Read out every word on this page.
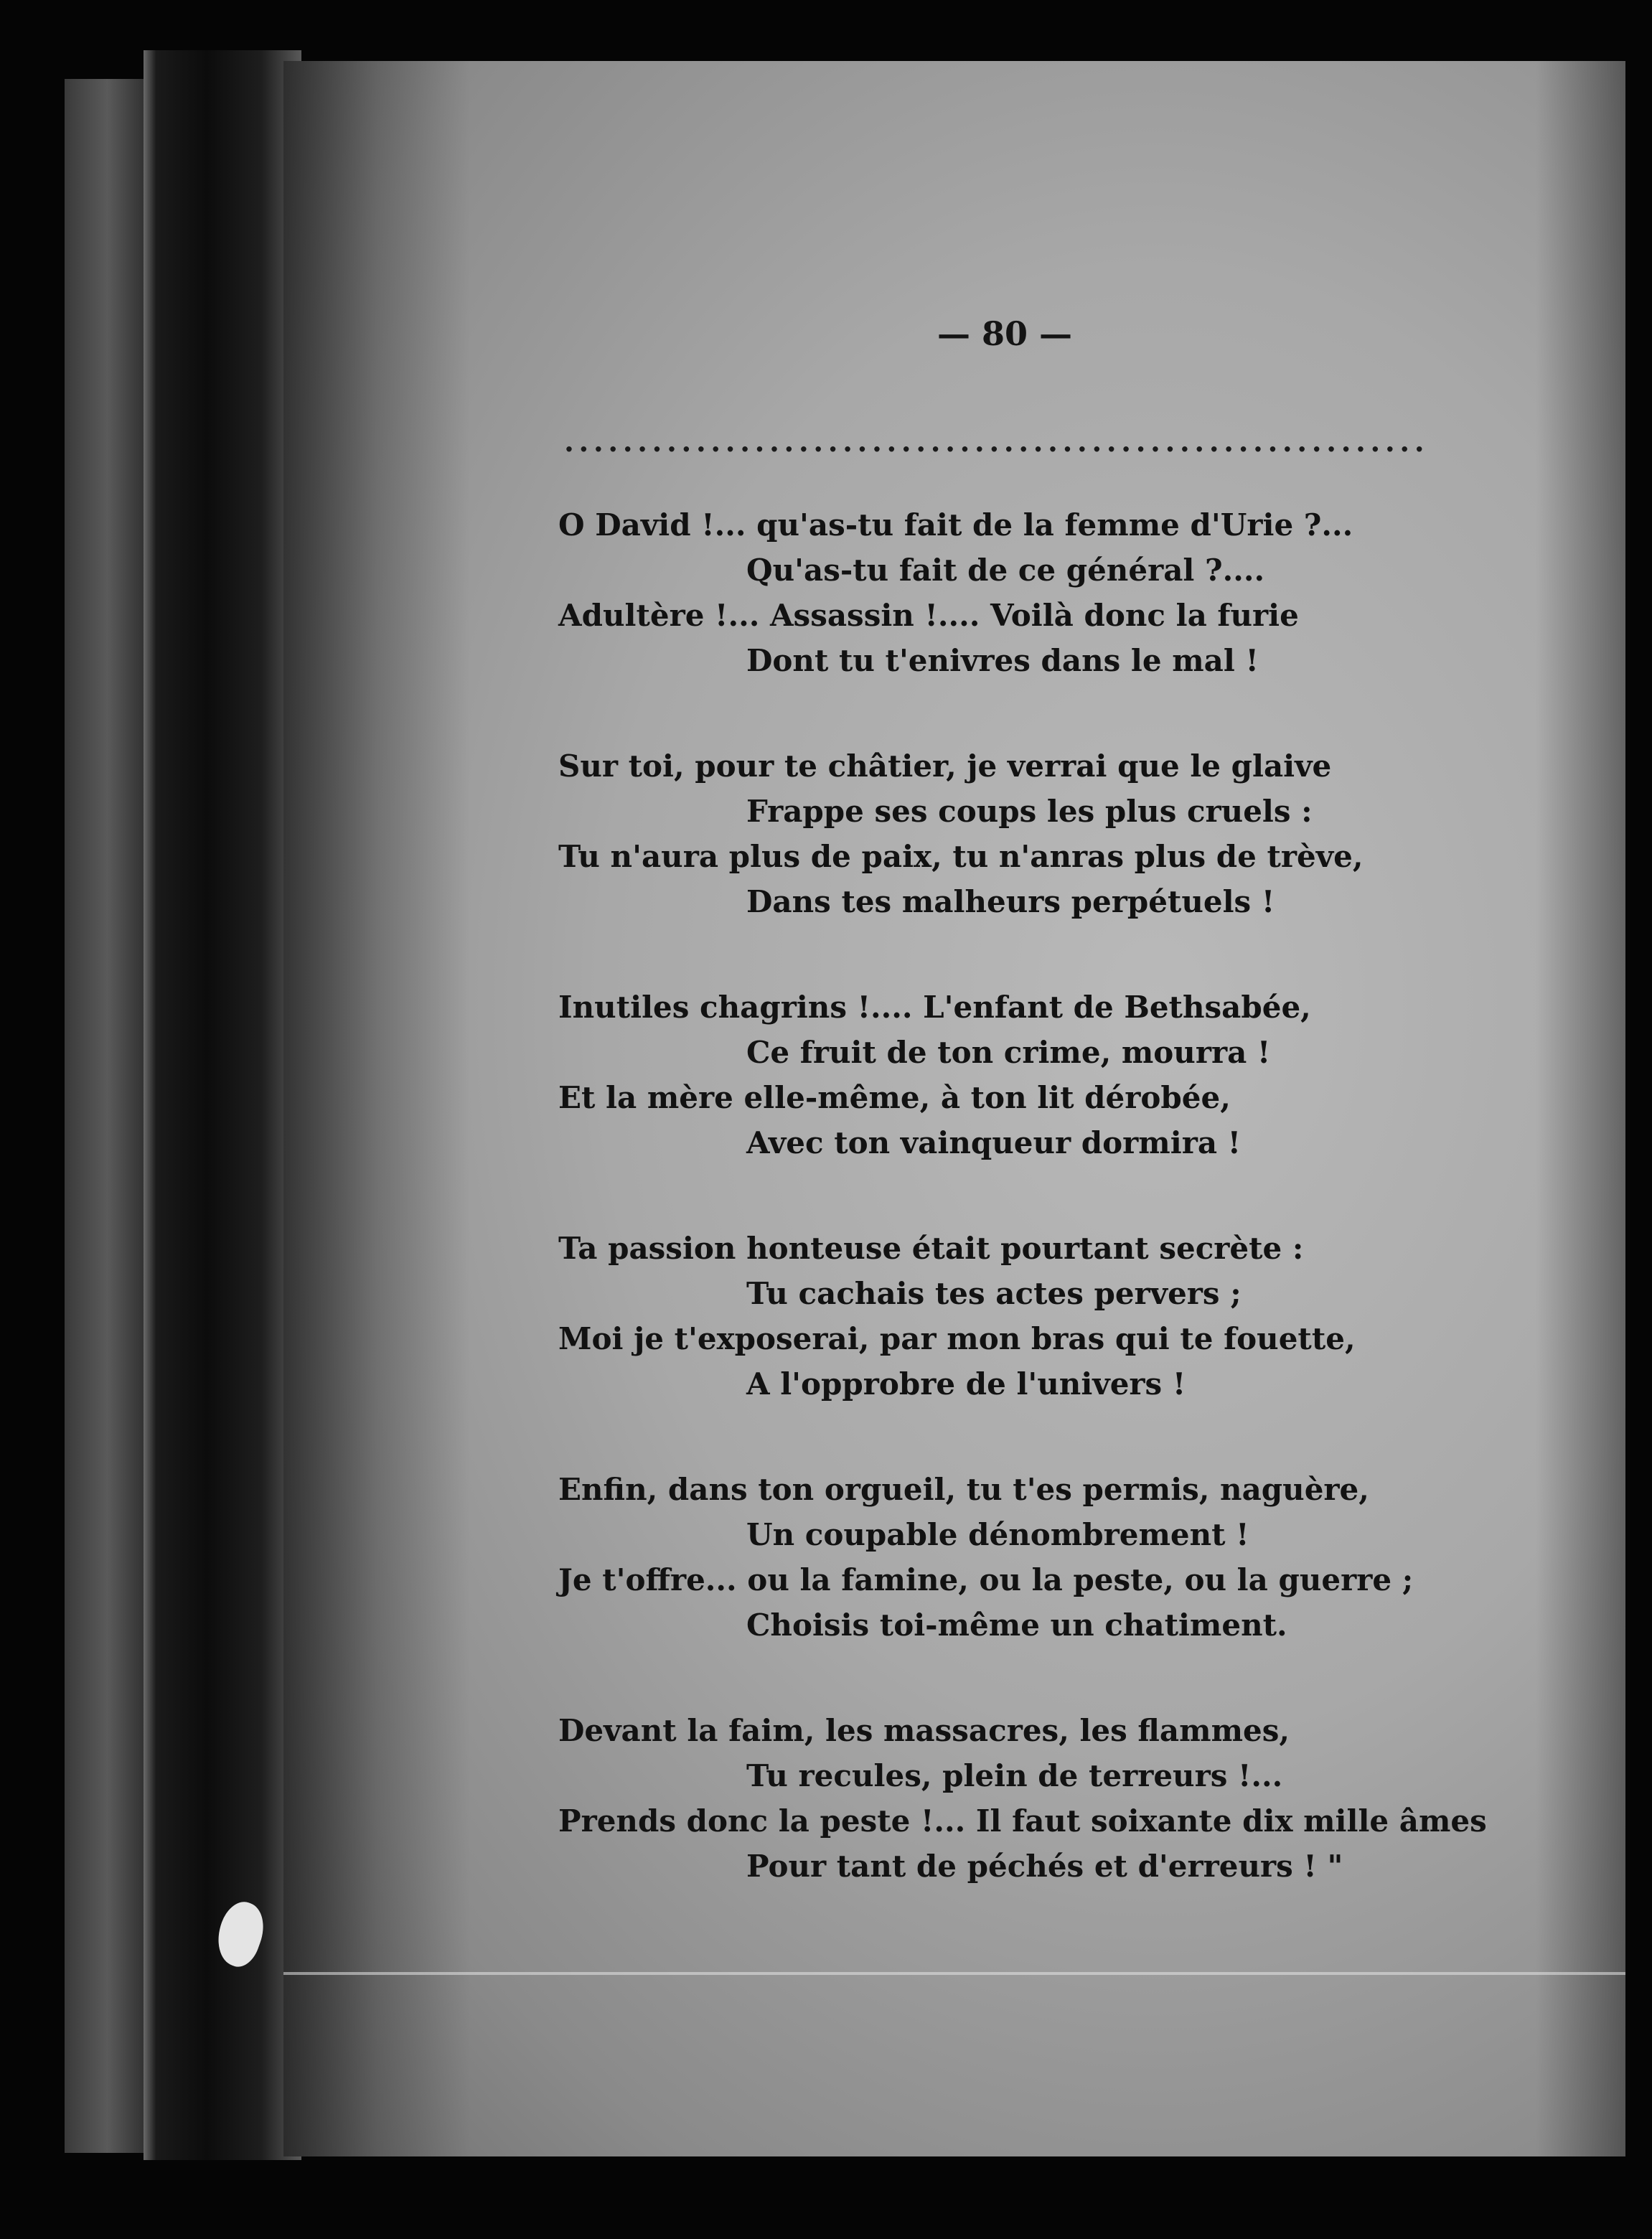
— 80 —
...........................................................
O David !... qu'as-tu fait de la femme d'Urie ?...
Qu'as-tu fait de ce général ?....
Adultère !... Assassin !.... Voilà donc la furie
Dont tu t'enivres dans le mal !
Sur toi, pour te châtier, je verrai que le glaive
Frappe ses coups les plus cruels :
Tu n'aura plus de paix, tu n'anras plus de trève,
Dans tes malheurs perpétuels !
Inutiles chagrins !.... L'enfant de Bethsabée,
Ce fruit de ton crime, mourra !
Et la mère elle-même, à ton lit dérobée,
Avec ton vainqueur dormira !
Ta passion honteuse était pourtant secrète :
Tu cachais tes actes pervers ;
Moi je t'exposerai, par mon bras qui te fouette,
A l'opprobre de l'univers !
Enfin, dans ton orgueil, tu t'es permis, naguère,
Un coupable dénombrement !
Je t'offre... ou la famine, ou la peste, ou la guerre ;
Choisis toi-même un chatiment.
Devant la faim, les massacres, les flammes,
Tu recules, plein de terreurs !...
Prends donc la peste !... Il faut soixante dix mille âmes
Pour tant de péchés et d'erreurs ! "
